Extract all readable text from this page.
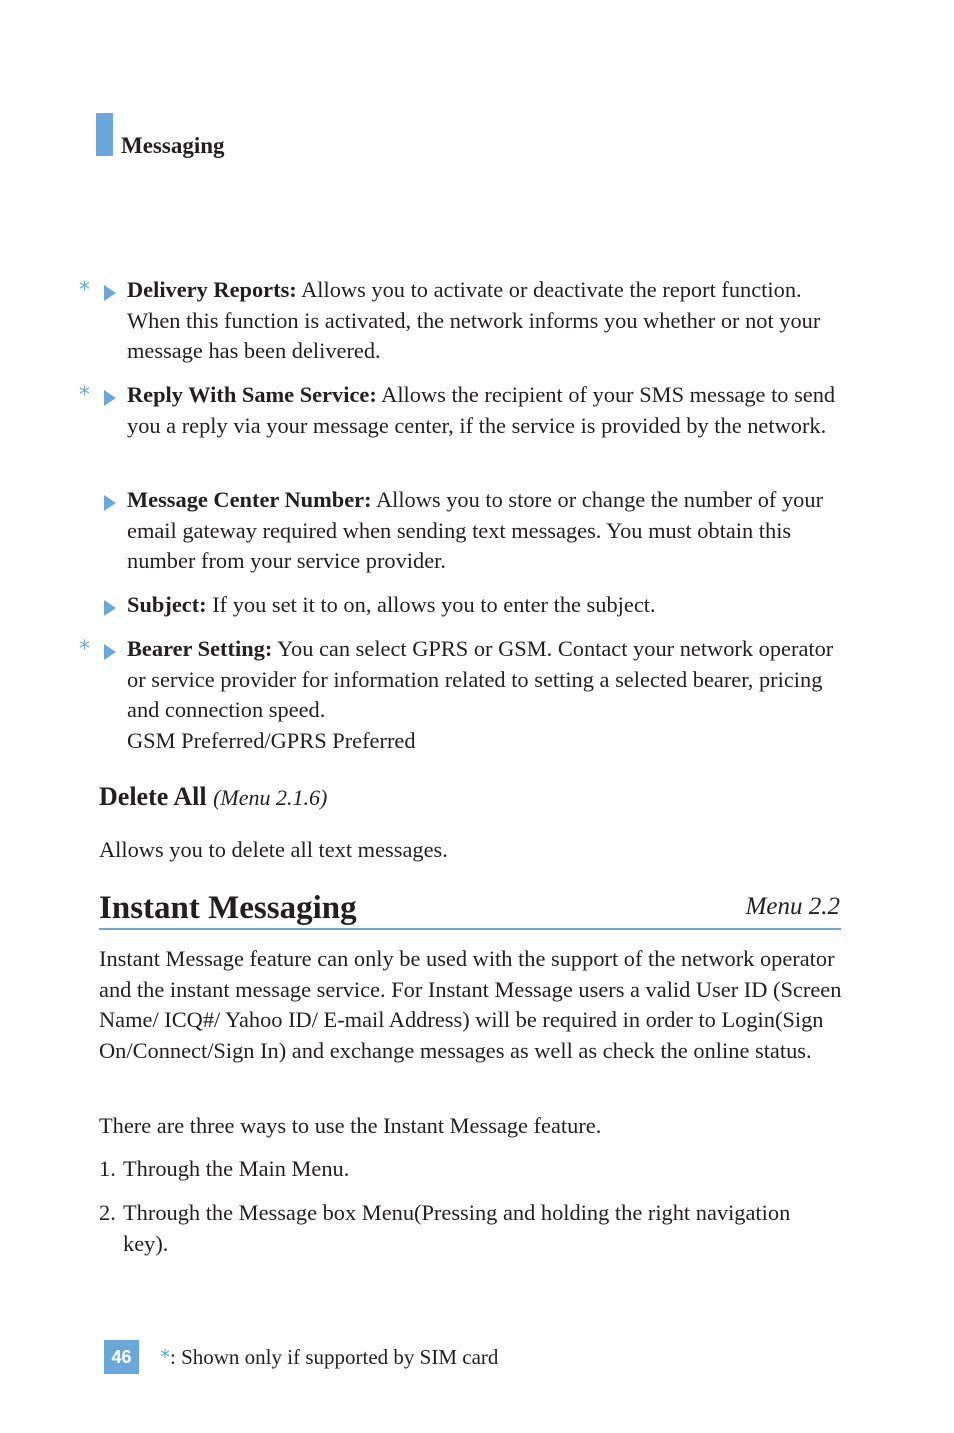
Messaging
* Delivery Reports: Allows you to activate or deactivate the report function. When this function is activated, the network informs you whether or not your message has been delivered.
* Reply With Same Service: Allows the recipient of your SMS message to send you a reply via your message center, if the service is provided by the network.
Message Center Number: Allows you to store or change the number of your email gateway required when sending text messages. You must obtain this number from your service provider.
Subject: If you set it to on, allows you to enter the subject.
* Bearer Setting: You can select GPRS or GSM. Contact your network operator or service provider for information related to setting a selected bearer, pricing and connection speed.
GSM Preferred/GPRS Preferred
Delete All (Menu 2.1.6)
Allows you to delete all text messages.
Instant Messaging	Menu 2.2
Instant Message feature can only be used with the support of the network operator and the instant message service. For Instant Message users a valid User ID (Screen Name/ ICQ#/ Yahoo ID/ E-mail Address) will be required in order to Login(Sign On/Connect/Sign In) and exchange messages as well as check the online status.
There are three ways to use the Instant Message feature.
1. Through the Main Menu.
2. Through the Message box Menu(Pressing and holding the right navigation key).
46	*: Shown only if supported by SIM card
